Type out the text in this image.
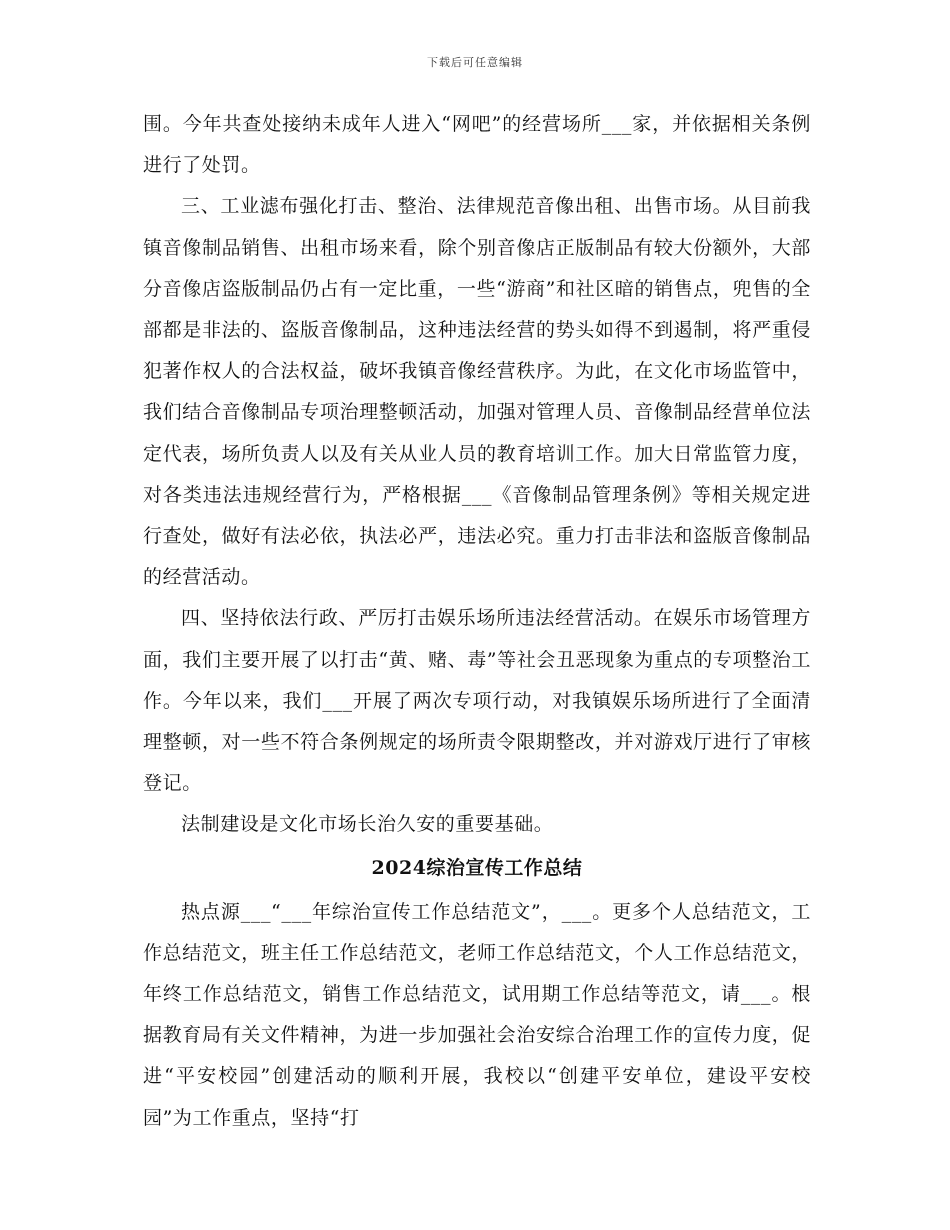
下载后可任意编辑

围。今年共查处接纳未成年人进入“网吧”的经营场所___家，并依据相关条例进行了处罚。

三、工业滤布强化打击、整治、法律规范音像出租、出售市场。从目前我镇音像制品销售、出租市场来看，除个别音像店正版制品有较大份额外，大部分音像店盗版制品仍占有一定比重，一些“游商”和社区暗的销售点，兜售的全部都是非法的、盗版音像制品，这种违法经营的势头如得不到遏制，将严重侵犯著作权人的合法权益，破坏我镇音像经营秩序。为此，在文化市场监管中，我们结合音像制品专项治理整顿活动，加强对管理人员、音像制品经营单位法定代表，场所负责人以及有关从业人员的教育培训工作。加大日常监管力度，对各类违法违规经营行为，严格根据___《音像制品管理条例》等相关规定进行查处，做好有法必依，执法必严，违法必究。重力打击非法和盗版音像制品的经营活动。

四、坚持依法行政、严厉打击娱乐场所违法经营活动。在娱乐市场管理方面，我们主要开展了以打击“黄、赌、毒”等社会丑恶现象为重点的专项整治工作。今年以来，我们___开展了两次专项行动，对我镇娱乐场所进行了全面清理整顿，对一些不符合条例规定的场所责令限期整改，并对游戏厅进行了审核登记。

法制建设是文化市场长治久安的重要基础。

2024综治宣传工作总结

热点源___“___年综治宣传工作总结范文”，___。更多个人总结范文，工作总结范文，班主任工作总结范文，老师工作总结范文，个人工作总结范文，年终工作总结范文，销售工作总结范文，试用期工作总结等范文，请___。根据教育局有关文件精神，为进一步加强社会治安综合治理工作的宣传力度，促进“平安校园”创建活动的顺利开展，我校以“创建平安单位，建设平安校园”为工作重点，坚持“打
